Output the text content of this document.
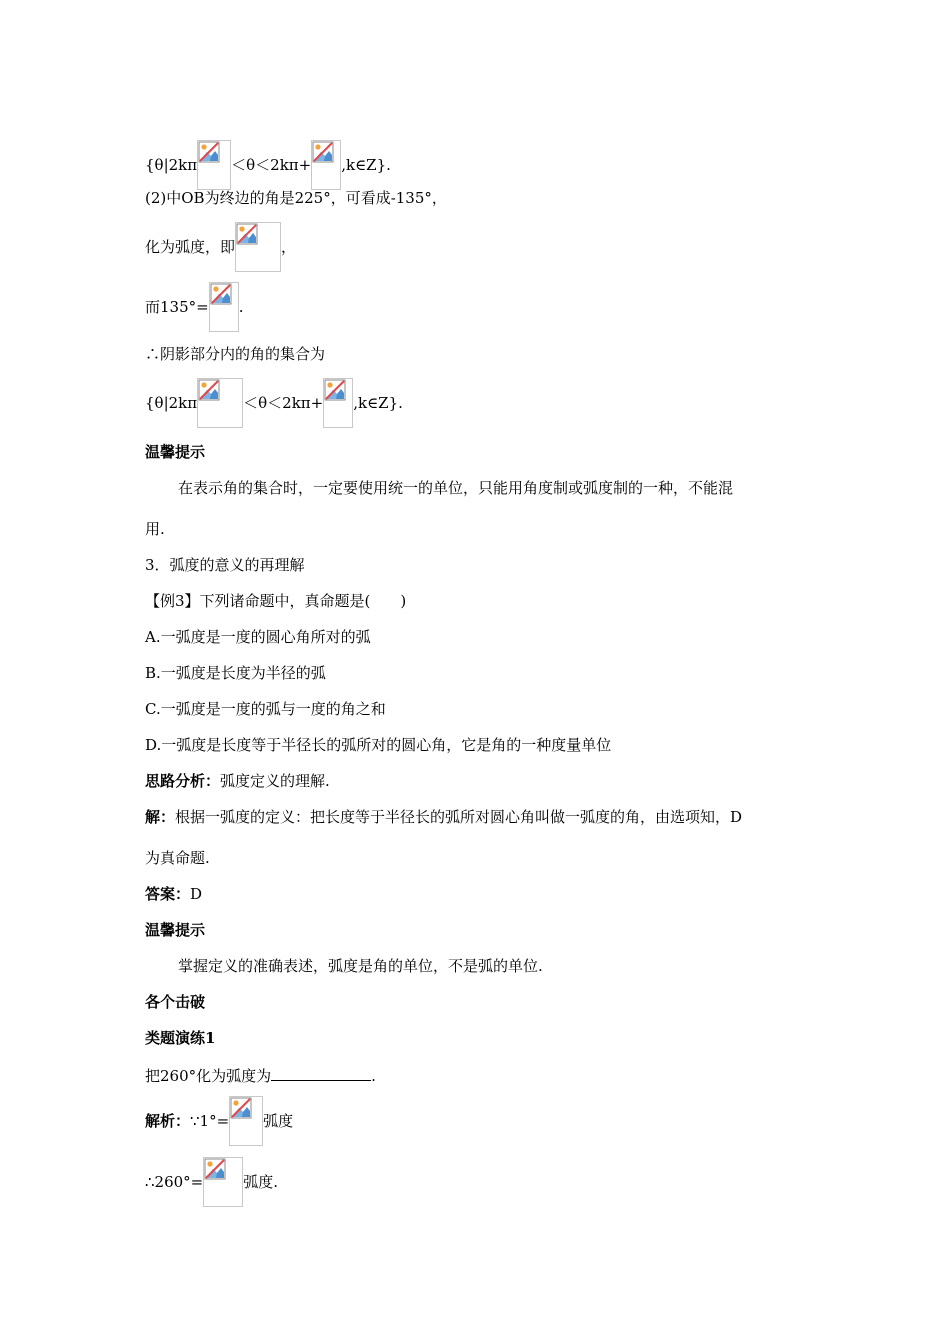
{θ|2kπ ＜θ＜2kπ+ ,k∈Z}.
(2)中OB为终边的角是225°，可看成-135°，
化为弧度，即	，
而135°= .
∴阴影部分内的角的集合为
{θ|2kπ	＜θ＜2kπ+ ,k∈Z}.
温馨提示
在表示角的集合时，一定要使用统一的单位，只能用角度制或弧度制的一种，不能混
用.
3．弧度的意义的再理解
【例3】下列诸命题中，真命题是(　　)
A.一弧度是一度的圆心角所对的弧
B.一弧度是长度为半径的弧
C.一弧度是一度的弧与一度的角之和
D.一弧度是长度等于半径长的弧所对的圆心角，它是角的一种度量单位
思路分析：弧度定义的理解.
解：根据一弧度的定义：把长度等于半径长的弧所对圆心角叫做一弧度的角，由选项知，D
为真命题.
答案：D
温馨提示
掌握定义的准确表述，弧度是角的单位，不是弧的单位.
各个击破
类题演练1
把260°化为弧度为	.
解析：∵1°= 弧度
∴260°=	弧度.
